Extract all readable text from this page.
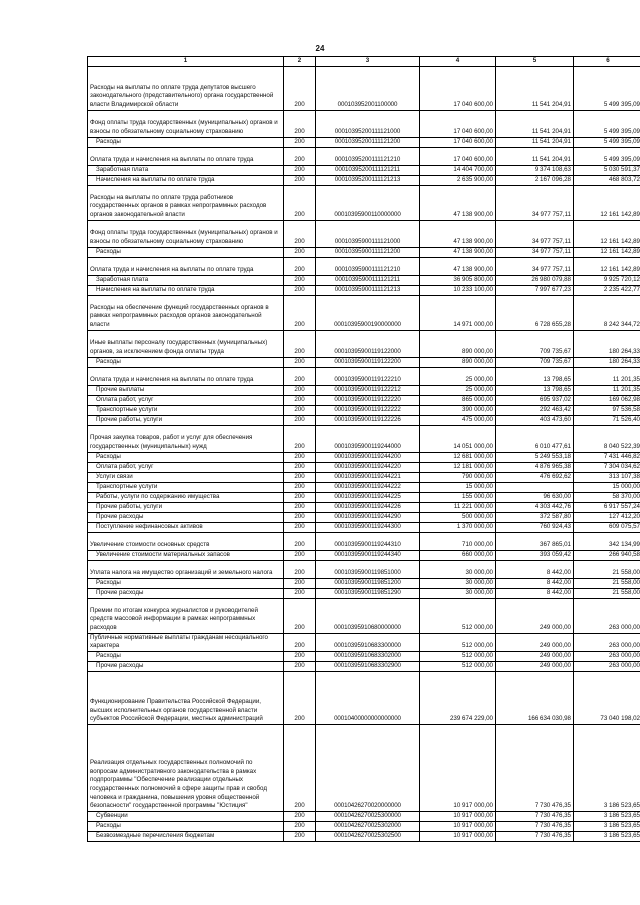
24
1	2	3	4	5	6
Расходы на выплаты по оплате труда депутатов высшего законодательного (представительного) органа государственной власти Владимирской области	200	000103952001100000	17 040 600,00	11 541 204,91	5 499 395,09
Фонд оплаты труда государственных (муниципальных) органов и взносы по обязательному социальному страхованию	200	00010395200111121000	17 040 600,00	11 541 204,91	5 499 395,09
Расходы	200	00010395200111121200	17 040 600,00	11 541 204,91	5 499 395,09
Оплата труда и начисления на выплаты по оплате труда	200	00010395200111121210	17 040 600,00	11 541 204,91	5 499 395,09
Заработная плата	200	00010395200111121211	14 404 700,00	9 374 108,63	5 030 591,37
Начисления на выплаты по оплате труда	200	00010395200111121213	2 635 900,00	2 167 096,28	468 803,72
Расходы на выплаты по оплате труда работников государственных органов в рамках непрограммных расходов органов законодательной власти	200	00010395900110000000	47 138 900,00	34 977 757,11	12 161 142,89
Фонд оплаты труда государственных (муниципальных) органов и взносы по обязательному социальному страхованию	200	00010395900111121000	47 138 900,00	34 977 757,11	12 161 142,89
Расходы	200	00010395900111121200	47 138 900,00	34 977 757,11	12 161 142,89
Оплата труда и начисления на выплаты по оплате труда	200	00010395900111121210	47 138 900,00	34 977 757,11	12 161 142,89
Заработная плата	200	00010395900111121211	36 905 800,00	26 980 079,88	9 925 720,12
Начисления на выплаты по оплате труда	200	00010395900111121213	10 233 100,00	7 997 677,23	2 235 422,77
Расходы на обеспечение функций государственных органов в рамках непрограммных расходов органов законодательной власти	200	00010395900190000000	14 971 000,00	6 728 655,28	8 242 344,72
Иные выплаты персоналу государственных (муниципальных) органов, за исключением фонда оплаты труда	200	00010395900119122000	890 000,00	709 735,67	180 264,33
Расходы	200	00010395900119122200	890 000,00	709 735,67	180 264,33
Оплата труда и начисления на выплаты по оплате труда	200	00010395900119122210	25 000,00	13 798,65	11 201,35
Прочие выплаты	200	00010395900119122212	25 000,00	13 798,65	11 201,35
Оплата работ, услуг	200	00010395900119122220	865 000,00	695 937,02	169 062,98
Транспортные услуги	200	00010395900119122222	390 000,00	292 463,42	97 536,58
Прочие работы, услуги	200	00010395900119122226	475 000,00	403 473,60	71 526,40
Прочая закупка товаров, работ и услуг для обеспечения государственных (муниципальных) нужд	200	00010395900119244000	14 051 000,00	6 010 477,61	8 040 522,39
Расходы	200	00010395900119244200	12 681 000,00	5 249 553,18	7 431 446,82
Оплата работ, услуг	200	00010395900119244220	12 181 000,00	4 876 965,38	7 304 034,62
Услуги связи	200	00010395900119244221	790 000,00	476 692,62	313 107,38
Транспортные услуги	200	00010395900119244222	15 000,00		15 000,00
Работы, услуги по содержанию имущества	200	00010395900119244225	155 000,00	96 630,00	58 370,00
Прочие работы, услуги	200	00010395900119244226	11 221 000,00	4 303 442,76	6 917 557,24
Прочие расходы	200	00010395900119244290	500 000,00	372 587,80	127 412,20
Поступление нефинансовых активов	200	00010395900119244300	1 370 000,00	760 924,43	609 075,57
Увеличение стоимости основных средств	200	00010395900119244310	710 000,00	367 865,01	342 134,99
Увеличение стоимости материальных запасов	200	00010395900119244340	660 000,00	393 059,42	266 940,58
Уплата налога на имущество организаций и земельного налога	200	00010395900119851000	30 000,00	8 442,00	21 558,00
Расходы	200	00010395900119851200	30 000,00	8 442,00	21 558,00
Прочие расходы	200	00010395900119851290	30 000,00	8 442,00	21 558,00
Премии по итогам конкурса журналистов и руководителей средств массовой информации в рамках непрограммных расходов	200	00010395910680000000	512 000,00	249 000,00	263 000,00
Публичные нормативные выплаты гражданам несоциального характера	200	00010395910683300000	512 000,00	249 000,00	263 000,00
Расходы	200	00010395910683302000	512 000,00	249 000,00	263 000,00
Прочие расходы	200	00010395910683302900	512 000,00	249 000,00	263 000,00
Функционирование Правительства Российской Федерации, высших исполнительных органов государственной власти субъектов Российской Федерации, местных администраций	200	00010400000000000000	239 674 229,00	166 634 030,98	73 040 198,02
Реализация отдельных государственных полномочий по вопросам административного законодательства в рамках подпрограммы "Обеспечение реализации отдельных государственных полномочий в сфере защиты прав и свобод человека и гражданина, повышения уровня общественной безопасности" государственной программы "Юстиция"	200	00010426270020000000	10 917 000,00	7 730 476,35	3 186 523,65
Субвенции	200	00010426270025300000	10 917 000,00	7 730 476,35	3 186 523,65
Расходы	200	00010426270025302000	10 917 000,00	7 730 476,35	3 186 523,65
Безвозмездные перечисления бюджетам	200	00010426270025302500	10 917 000,00	7 730 476,35	3 186 523,65
